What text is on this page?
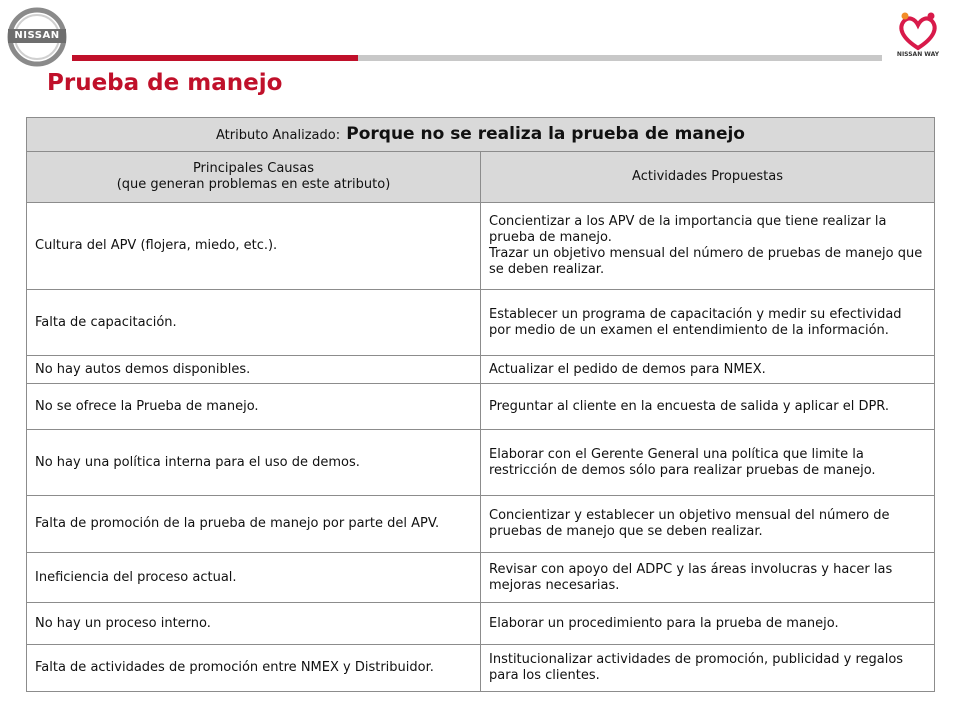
NISSAN
NISSAN WAY
Prueba de manejo
Atributo Analizado: Porque no se realiza la prueba de manejo	

Principales Causas
(que generan problemas en este atributo)	Actividades Propuestas
Cultura del APV (flojera, miedo, etc.).	Concientizar a los APV de la importancia que tiene realizar la prueba de manejo.
Trazar un objetivo mensual del número de pruebas de manejo que se deben realizar.

Falta de capacitación.	Establecer un programa de capacitación y medir su efectividad por medio de un examen el entendimiento de la información.
No hay autos demos disponibles.	Actualizar el pedido de demos para NMEX.
No se ofrece la Prueba de manejo.	Preguntar al cliente en la encuesta de salida y aplicar el DPR.
No hay una política interna para el uso de demos.	Elaborar con el Gerente General una política que limite la restricción de demos sólo para realizar pruebas de manejo.
Falta de promoción de la prueba de manejo por parte del APV.	Concientizar y establecer un objetivo mensual del número de pruebas de manejo que se deben realizar.
Ineficiencia del proceso actual.	Revisar con apoyo del ADPC y las áreas involucras y hacer las mejoras necesarias.
No hay un proceso interno.	Elaborar un procedimiento para la prueba de manejo.
Falta de actividades de promoción entre NMEX y Distribuidor.	Institucionalizar actividades de promoción, publicidad y regalos para los clientes.
